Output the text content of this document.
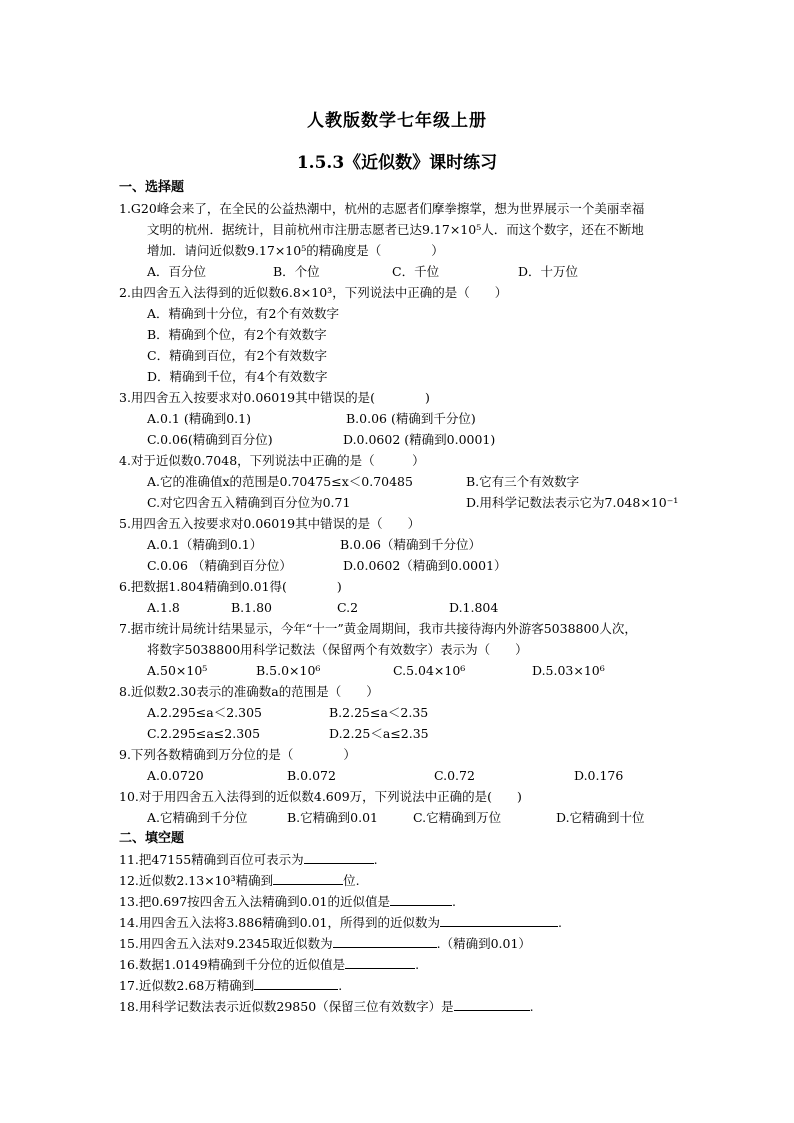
人教版数学七年级上册
1.5.3《近似数》课时练习
一、选择题
1.G20峰会来了，在全民的公益热潮中，杭州的志愿者们摩拳擦掌，想为世界展示一个美丽幸福
文明的杭州．据统计，目前杭州市注册志愿者已达9.17×10⁵人．而这个数字，还在不断地
增加．请问近似数9.17×10⁵的精确度是（　　　　）
A．百分位	B．个位	C．千位	D．十万位
2.由四舍五入法得到的近似数6.8×10³，下列说法中正确的是（　　）
A．精确到十分位，有2个有效数字
B．精确到个位，有2个有效数字
C．精确到百位，有2个有效数字
D．精确到千位，有4个有效数字
3.用四舍五入按要求对0.06019其中错误的是(　　　　)
A.0.1 (精确到0.1)	B.0.06 (精确到千分位)
C.0.06(精确到百分位)	D.0.0602 (精确到0.0001)
4.对于近似数0.7048，下列说法中正确的是（　　　）
A.它的准确值x的范围是0.70475≤x＜0.70485	B.它有三个有效数字
C.对它四舍五入精确到百分位为0.71	D.用科学记数法表示它为7.048×10⁻¹
5.用四舍五入按要求对0.06019其中错误的是（　　）
A.0.1（精确到0.1）	B.0.06（精确到千分位）
C.0.06 （精确到百分位）	D.0.0602（精确到0.0001）
6.把数据1.804精确到0.01得(　　　　)
A.1.8	B.1.80	C.2	D.1.804
7.据市统计局统计结果显示，今年“十一”黄金周期间，我市共接待海内外游客5038800人次，
将数字5038800用科学记数法（保留两个有效数字）表示为（　　）
A.50×10⁵	B.5.0×10⁶	C.5.04×10⁶	D.5.03×10⁶
8.近似数2.30表示的准确数a的范围是（　　）
A.2.295≤a＜2.305	B.2.25≤a＜2.35
C.2.295≤a≤2.305	D.2.25＜a≤2.35
9.下列各数精确到万分位的是（　　　　）
A.0.0720	B.0.072	C.0.72	D.0.176
10.对于用四舍五入法得到的近似数4.609万，下列说法中正确的是(　　)
A.它精确到千分位	B.它精确到0.01	C.它精确到万位	D.它精确到十位
二、填空题
11.把47155精确到百位可表示为	.
12.近似数2.13×10³精确到	位.
13.把0.697按四舍五入法精确到0.01的近似值是	.
14.用四舍五入法将3.886精确到0.01，所得到的近似数为	.
15.用四舍五入法对9.2345取近似数为	.（精确到0.01）
16.数据1.0149精确到千分位的近似值是	.
17.近似数2.68万精确到	.
18.用科学记数法表示近似数29850（保留三位有效数字）是	.
